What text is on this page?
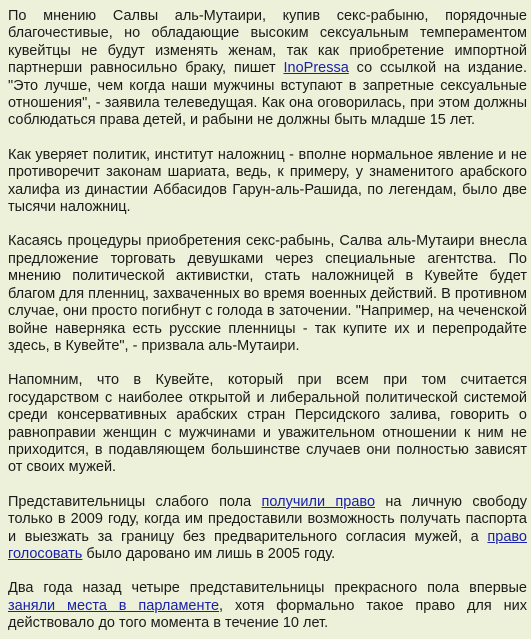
По мнению Салвы аль-Мутаири, купив секс-рабыню, порядочные благочестивые, но обладающие высоким сексуальным темпераментом кувейтцы не будут изменять женам, так как приобретение импортной партнерши равносильно браку, пишет InoPressa со ссылкой на издание. "Это лучше, чем когда наши мужчины вступают в запретные сексуальные отношения", - заявила телеведущая. Как она оговорилась, при этом должны соблюдаться права детей, и рабыни не должны быть младше 15 лет.

Как уверяет политик, институт наложниц - вполне нормальное явление и не противоречит законам шариата, ведь, к примеру, у знаменитого арабского халифа из династии Аббасидов Гарун-аль-Рашида, по легендам, было две тысячи наложниц.

Касаясь процедуры приобретения секс-рабынь, Салва аль-Мутаири внесла предложение торговать девушками через специальные агентства. По мнению политической активистки, стать наложницей в Кувейте будет благом для пленниц, захваченных во время военных действий. В противном случае, они просто погибнут с голода в заточении. "Например, на чеченской войне наверняка есть русские пленницы - так купите их и перепродайте здесь, в Кувейте", - призвала аль-Мутаири.

Напомним, что в Кувейте, который при всем при том считается государством с наиболее открытой и либеральной политической системой среди консервативных арабских стран Персидского залива, говорить о равноправии женщин с мужчинами и уважительном отношении к ним не приходится, в подавляющем большинстве случаев они полностью зависят от своих мужей.

Представительницы слабого пола получили право на личную свободу только в 2009 году, когда им предоставили возможность получать паспорта и выезжать за границу без предварительного согласия мужей, а право голосовать было даровано им лишь в 2005 году.

Два года назад четыре представительницы прекрасного пола впервые заняли места в парламенте, хотя формально такое право для них действовало до того момента в течение 10 лет.
